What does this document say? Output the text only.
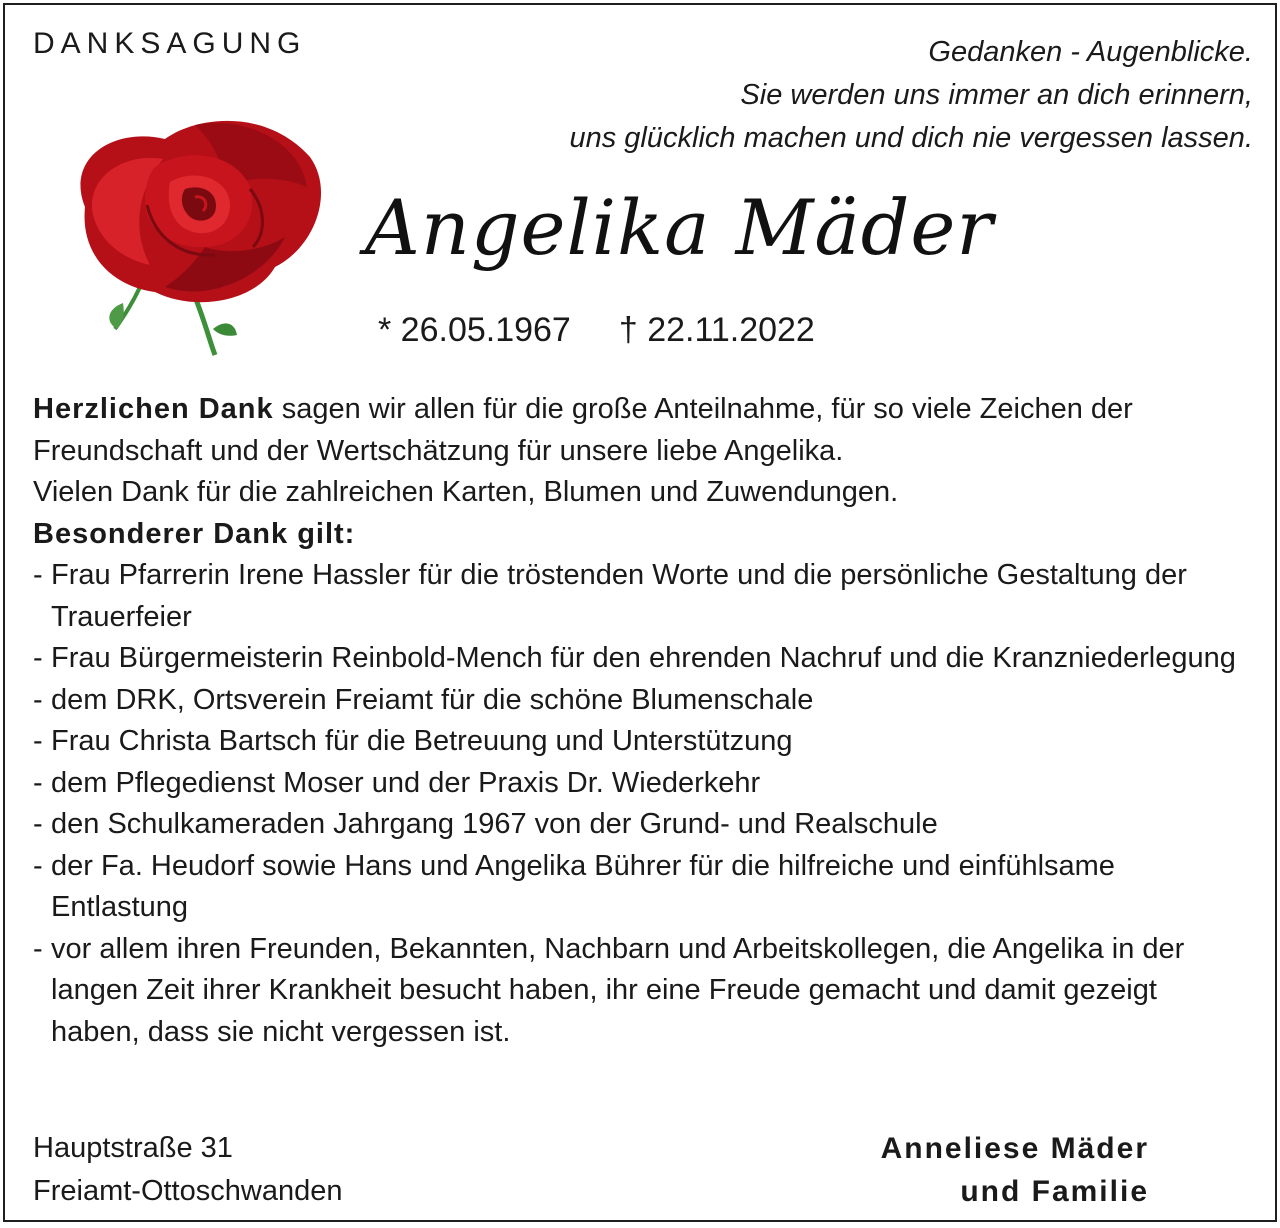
DANKSAGUNG	Gedanken - Augenblicke.
Sie werden uns immer an dich erinnern,
uns glücklich machen und dich nie vergessen lassen.
Angelika Mäder
* 26.05.1967 † 22.11.2022

Herzlichen Dank sagen wir allen für die große Anteilnahme, für so viele Zeichen der Freundschaft und der Wertschätzung für unsere liebe Angelika.

Vielen Dank für die zahlreichen Karten, Blumen und Zuwendungen.

Besonderer Dank gilt:

- Frau Pfarrerin Irene Hassler für die tröstenden Worte und die persönliche Gestaltung der Trauerfeier
- Frau Bürgermeisterin Reinbold-Mench für den ehrenden Nachruf und die Kranzniederlegung
- dem DRK, Ortsverein Freiamt für die schöne Blumenschale
- Frau Christa Bartsch für die Betreuung und Unterstützung
- dem Pflegedienst Moser und der Praxis Dr. Wiederkehr
- den Schulkameraden Jahrgang 1967 von der Grund- und Realschule
- der Fa. Heudorf sowie Hans und Angelika Bührer für die hilfreiche und einfühlsame Entlastung
- vor allem ihren Freunden, Bekannten, Nachbarn und Arbeitskollegen, die Angelika in der langen Zeit ihrer Krankheit besucht haben, ihr eine Freude gemacht und damit gezeigt haben, dass sie nicht vergessen ist.
Hauptstraße 31
Freiamt-Ottoschwanden
Anneliese Mäder
und Familie
